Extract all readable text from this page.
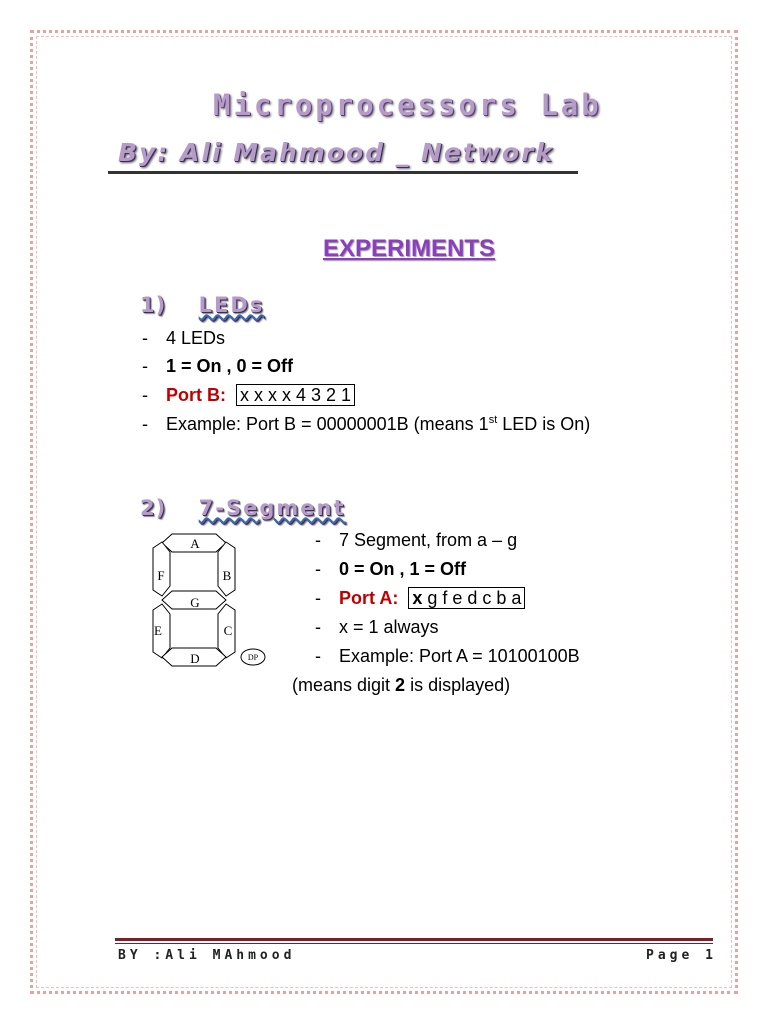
Microprocessors Lab
By: Ali Mahmood _ Network
EXPERIMENTS
1) LEDs
- 4 LEDs
- 1 = On , 0 = Off
- Port B: x x x x 4 3 2 1
- Example: Port B = 00000001B (means 1st LED is On)
2) 7-Segment
A
F	B
G
E	C
D	DP
- 7 Segment, from a – g
- 0 = On , 1 = Off
- Port A: x g f e d c b a
- x = 1 always
- Example: Port A = 10100100B
(means digit 2 is displayed)
BY :Ali MAhmood	Page 1
